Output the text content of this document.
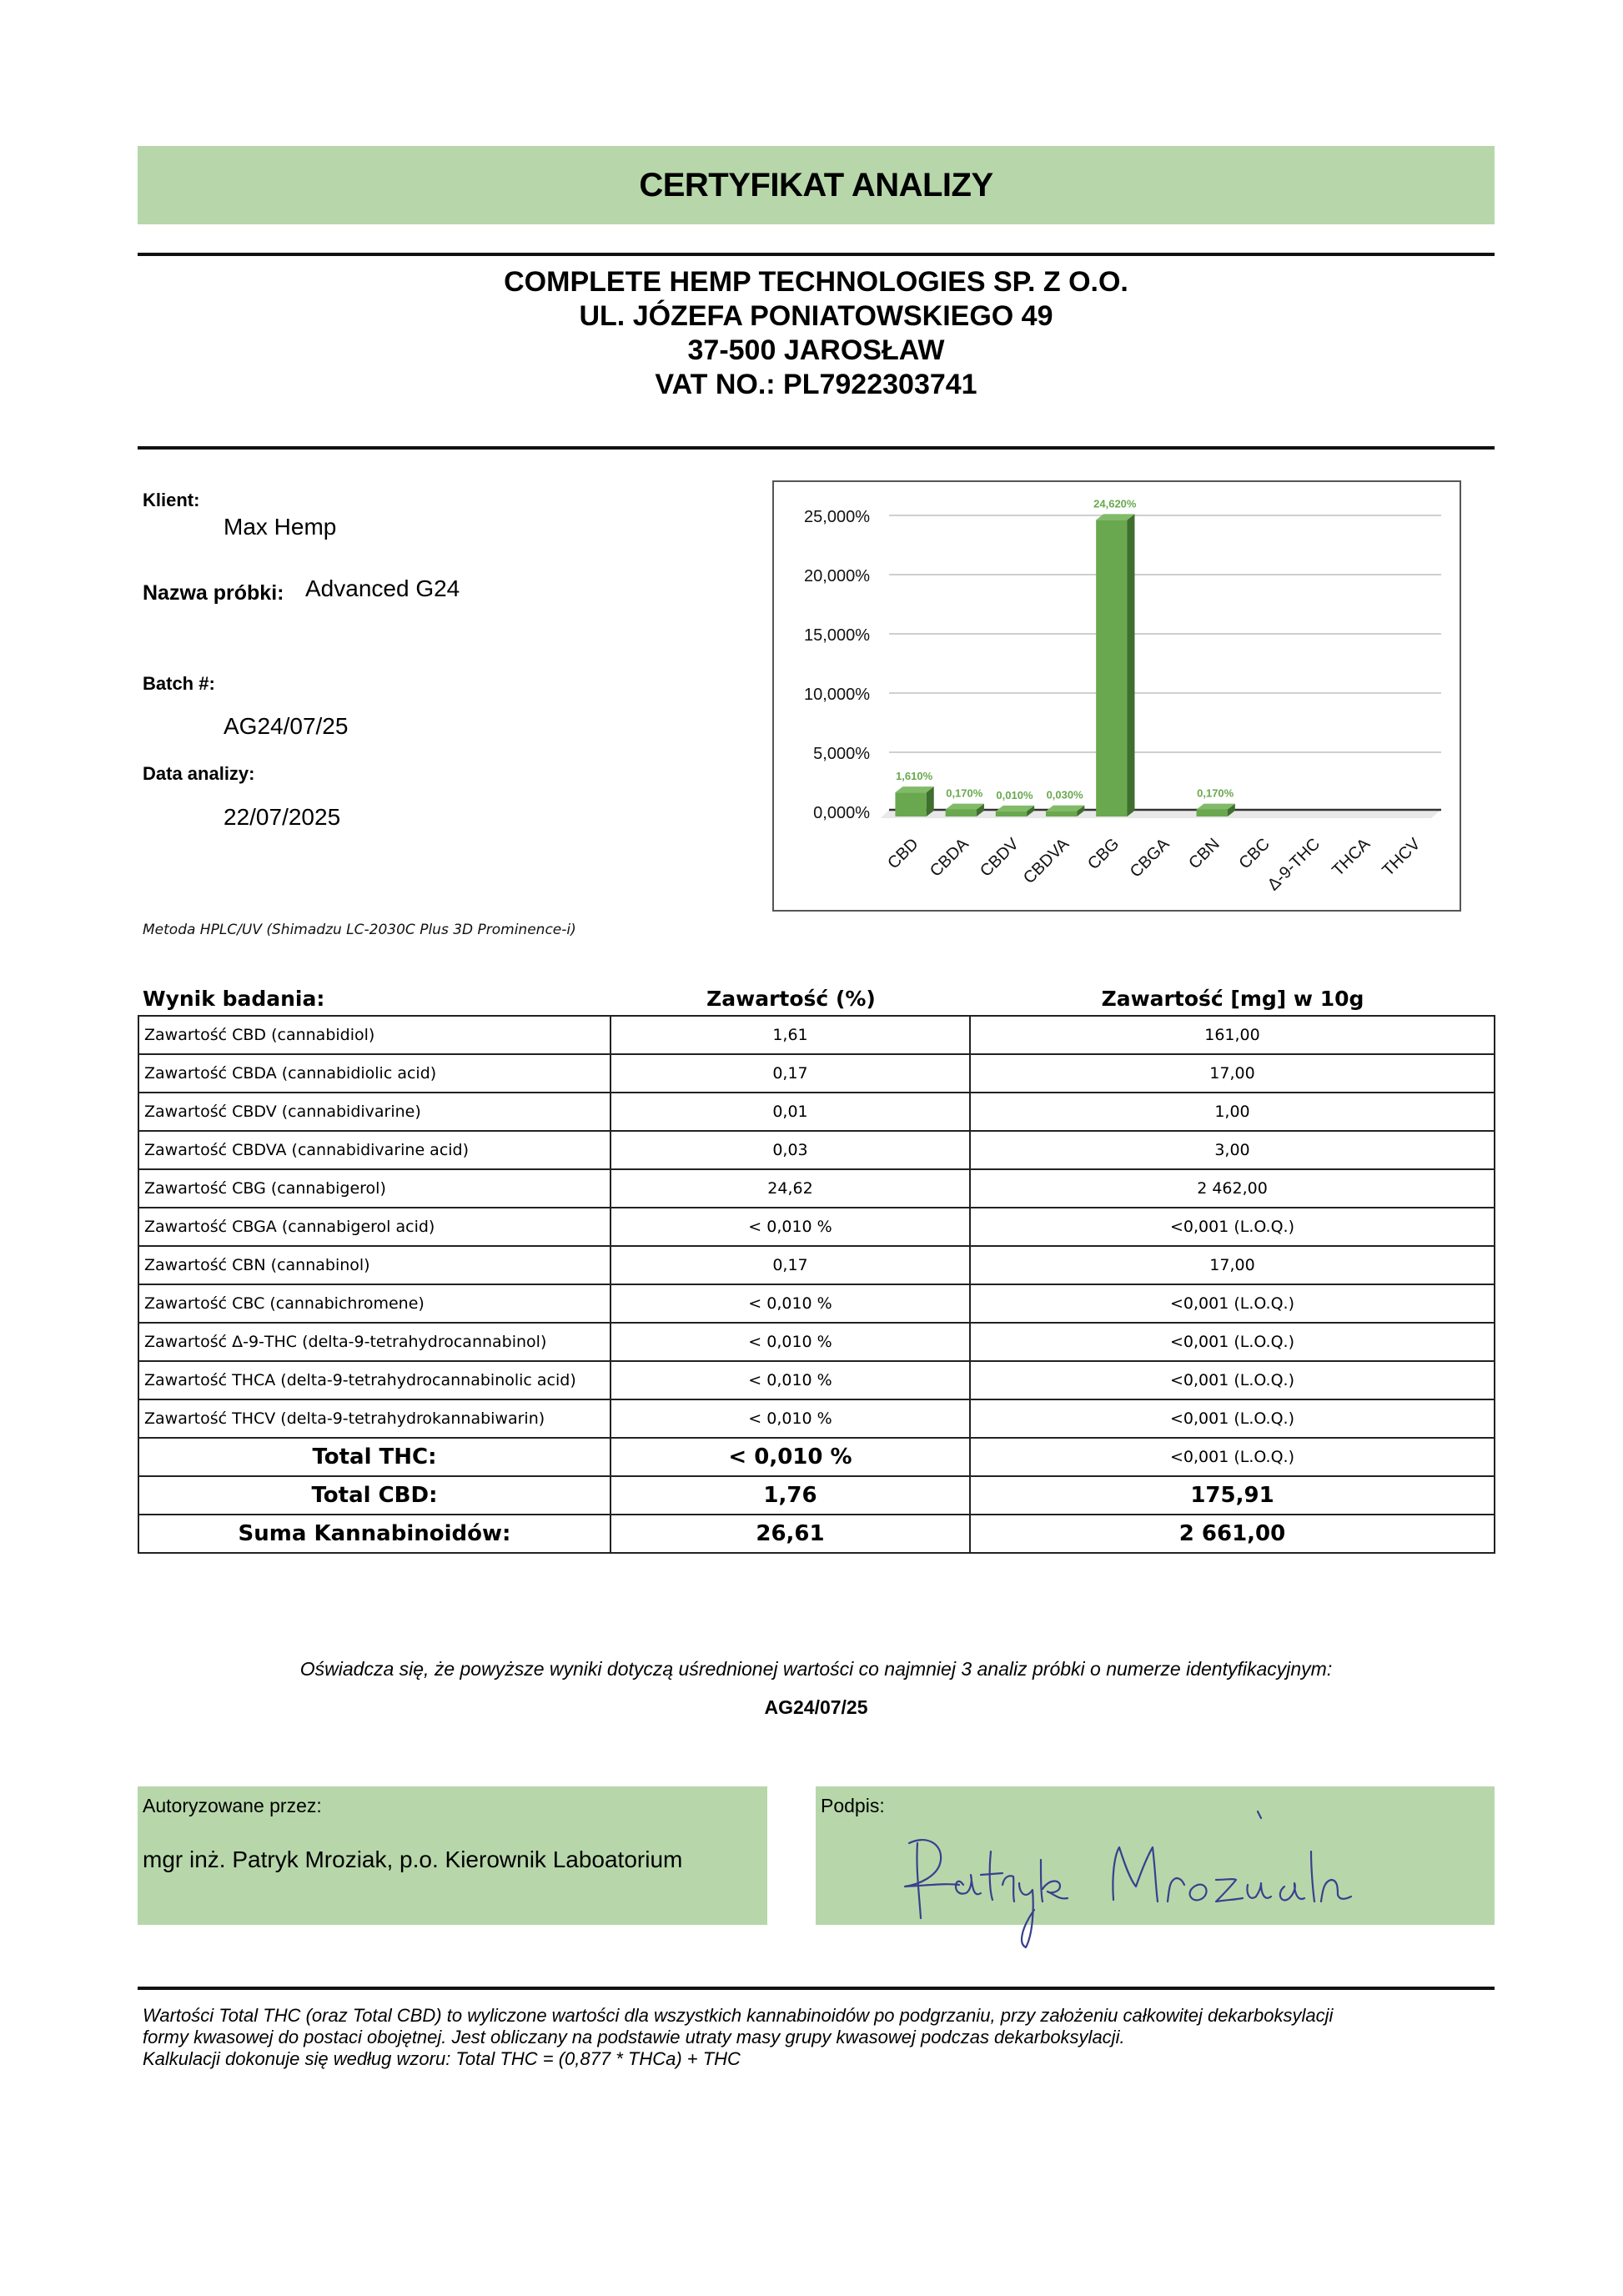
CERTYFIKAT ANALIZY
COMPLETE HEMP TECHNOLOGIES SP. Z O.O.
UL. JÓZEFA PONIATOWSKIEGO 49
37-500 JAROSŁAW
VAT NO.: PL7922303741
Klient:
Max Hemp
Nazwa próbki: Advanced G24
Batch #:
AG24/07/25
Data analizy:
22/07/2025
Metoda HPLC/UV (Shimadzu LC-2030C Plus 3D Prominence-i)
0,000%
5,000%
10,000%
15,000%
20,000%
25,000%
1,610%
CBD
0,170%
CBDA
0,010%
CBDV
0,030%
CBDVA
24,620%
CBG CBGA
0,170%
CBN CBC
Δ-9-THC THCA THCV
Wynik badania:	Zawartość (%)	Zawartość [mg] w 10g
Zawartość CBD (cannabidiol)	1,61	161,00
Zawartość CBDA (cannabidiolic acid)	0,17	17,00
Zawartość CBDV (cannabidivarine)	0,01	1,00
Zawartość CBDVA (cannabidivarine acid)	0,03	3,00
Zawartość CBG (cannabigerol)	24,62	2 462,00
Zawartość CBGA (cannabigerol acid)	< 0,010 %	<0,001 (L.O.Q.)
Zawartość CBN (cannabinol)	0,17	17,00
Zawartość CBC (cannabichromene)	< 0,010 %	<0,001 (L.O.Q.)
Zawartość Δ-9-THC (delta-9-tetrahydrocannabinol)	< 0,010 %	<0,001 (L.O.Q.)
Zawartość THCA (delta-9-tetrahydrocannabinolic acid)	< 0,010 %	<0,001 (L.O.Q.)
Zawartość THCV (delta-9-tetrahydrokannabiwarin)	< 0,010 %	<0,001 (L.O.Q.)
Total THC:	< 0,010 %	<0,001 (L.O.Q.)
Total CBD:	1,76	175,91
Suma Kannabinoidów:	26,61	2 661,00
Oświadcza się, że powyższe wyniki dotyczą uśrednionej wartości co najmniej 3 analiz próbki o numerze identyfikacyjnym:
AG24/07/25
Autoryzowane przez:
mgr inż. Patryk Mroziak, p.o. Kierownik Laboatorium
Podpis:
Wartości Total THC (oraz Total CBD) to wyliczone wartości dla wszystkich kannabinoidów po podgrzaniu, przy założeniu całkowitej dekarboksylacji
formy kwasowej do postaci obojętnej. Jest obliczany na podstawie utraty masy grupy kwasowej podczas dekarboksylacji.
Kalkulacji dokonuje się według wzoru: Total THC = (0,877 * THCa) + THC
